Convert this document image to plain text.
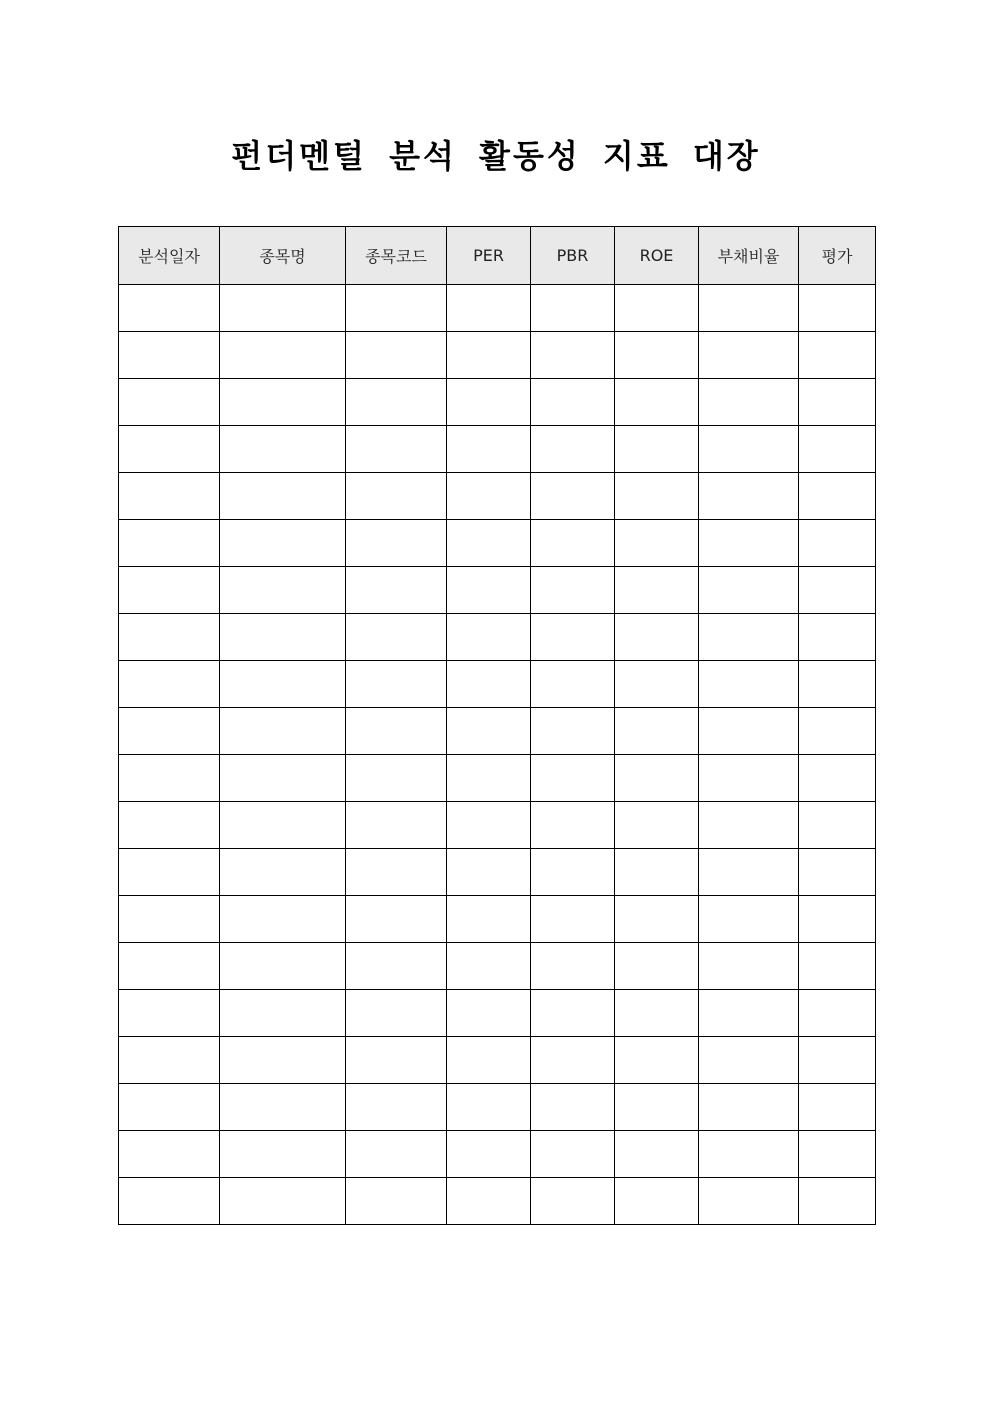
펀더멘털 분석 활동성 지표 대장
분석일자	종목명	종목코드	PER	PBR	ROE	부채비율	평가
